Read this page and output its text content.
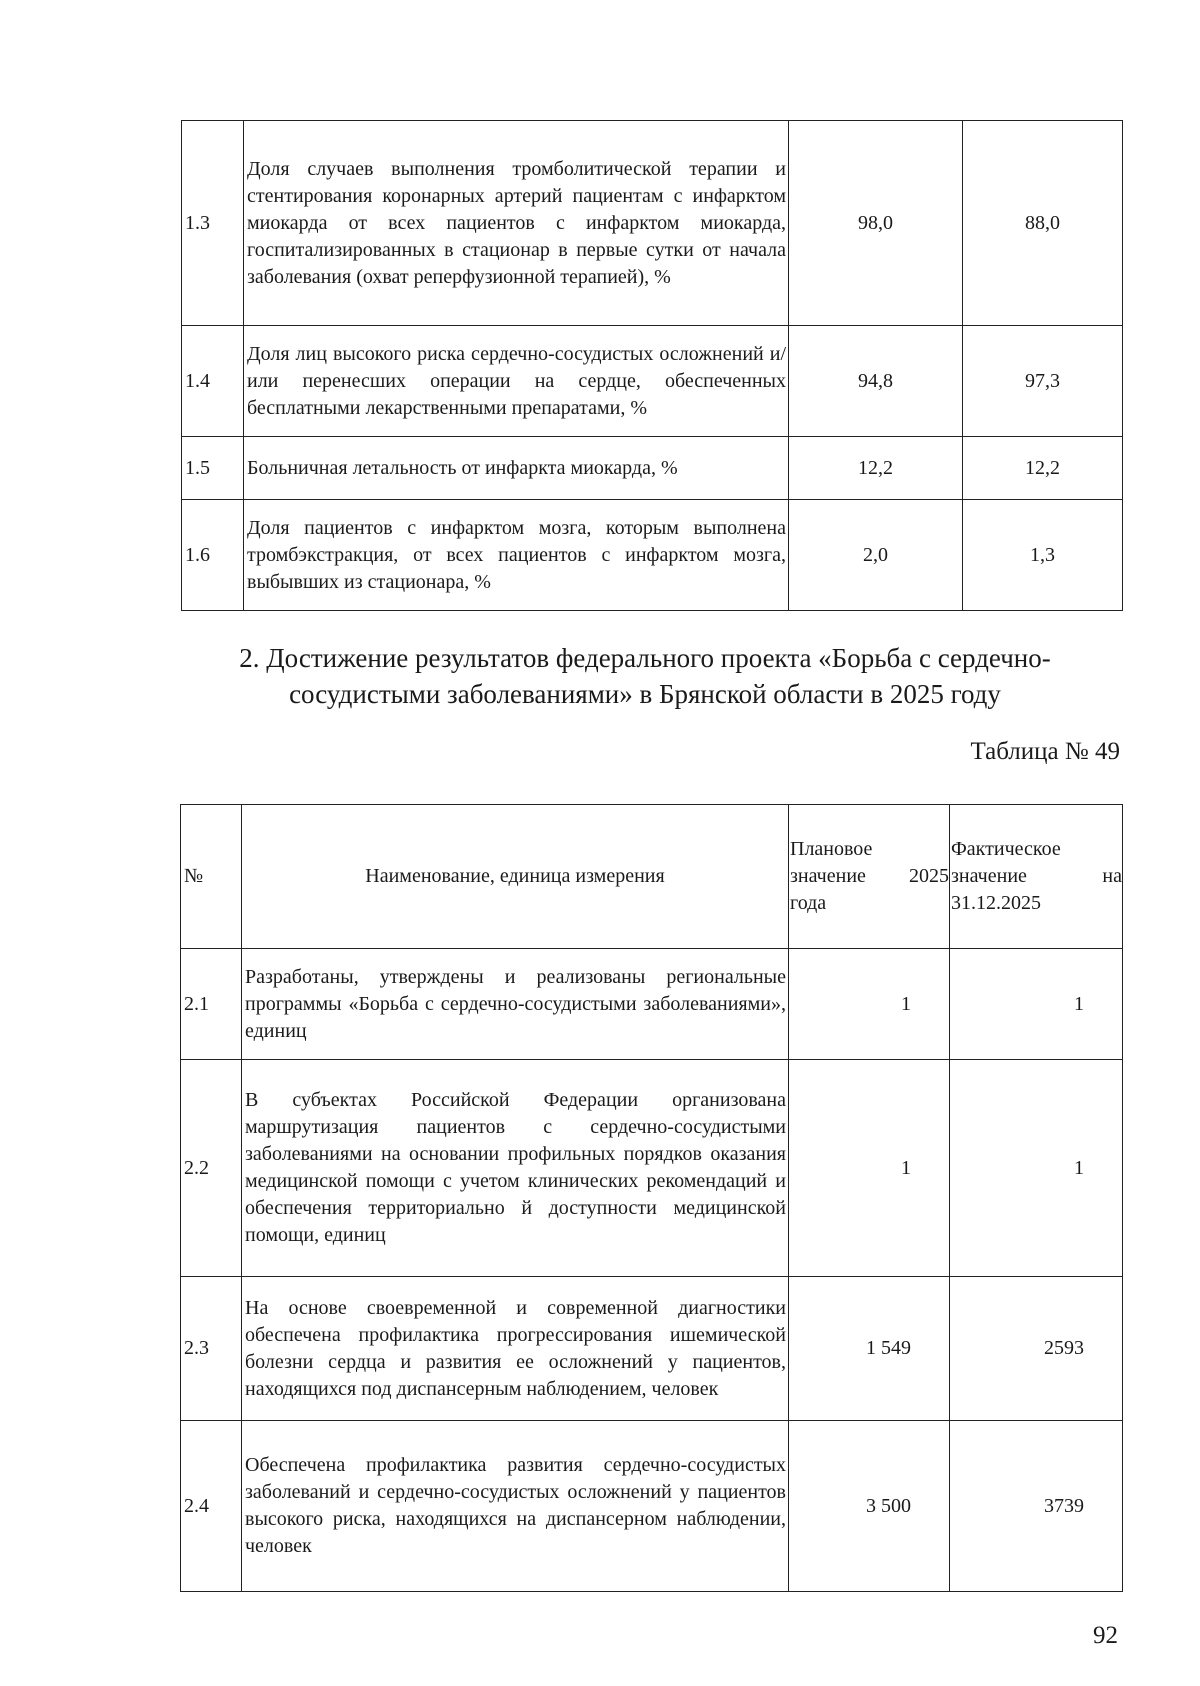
1.3	Доля случаев выполнения тромболитической терапии и стентирования коронарных артерий пациентам с инфарктом миокарда от всех пациентов с инфарктом миокарда, госпитализированных в стационар в первые сутки от начала заболевания (охват реперфузионной терапией), %	98,0	88,0
1.4	Доля лиц высокого риска сердечно-сосудистых осложнений и/или перенесших операции на сердце, обеспеченных бесплатными лекарственными препаратами, %	94,8	97,3
1.5	Больничная летальность от инфаркта миокарда, %	12,2	12,2
1.6	Доля пациентов с инфарктом мозга, которым выполнена тромбэкстракция, от всех пациентов с инфарктом мозга, выбывших из стационара, %	2,0	1,3
2. Достижение результатов федерального проекта «Борьба с сердечно-сосудистыми заболеваниями» в Брянской области в 2025 году
Таблица № 49
№	Наименование, единица измерения	Плановое значение 2025 года	Фактическое значение на 31.12.2025
2.1	Разработаны, утверждены и реализованы региональные программы «Борьба с сердечно-сосудистыми заболеваниями», единиц	1	1
2.2	В субъектах Российской Федерации организована маршрутизация пациентов с сердечно-сосудистыми заболеваниями на основании профильных порядков оказания медицинской помощи с учетом клинических рекомендаций и обеспечения территориально й доступности медицинской помощи, единиц	1	1
2.3	На основе своевременной и современной диагностики обеспечена профилактика прогрессирования ишемической болезни сердца и развития ее осложнений у пациентов, находящихся под диспансерным наблюдением, человек	1 549	2593
2.4	Обеспечена профилактика развития сердечно-сосудистых заболеваний и сердечно-сосудистых осложнений у пациентов высокого риска, находящихся на диспансерном наблюдении, человек	3 500	3739
92
